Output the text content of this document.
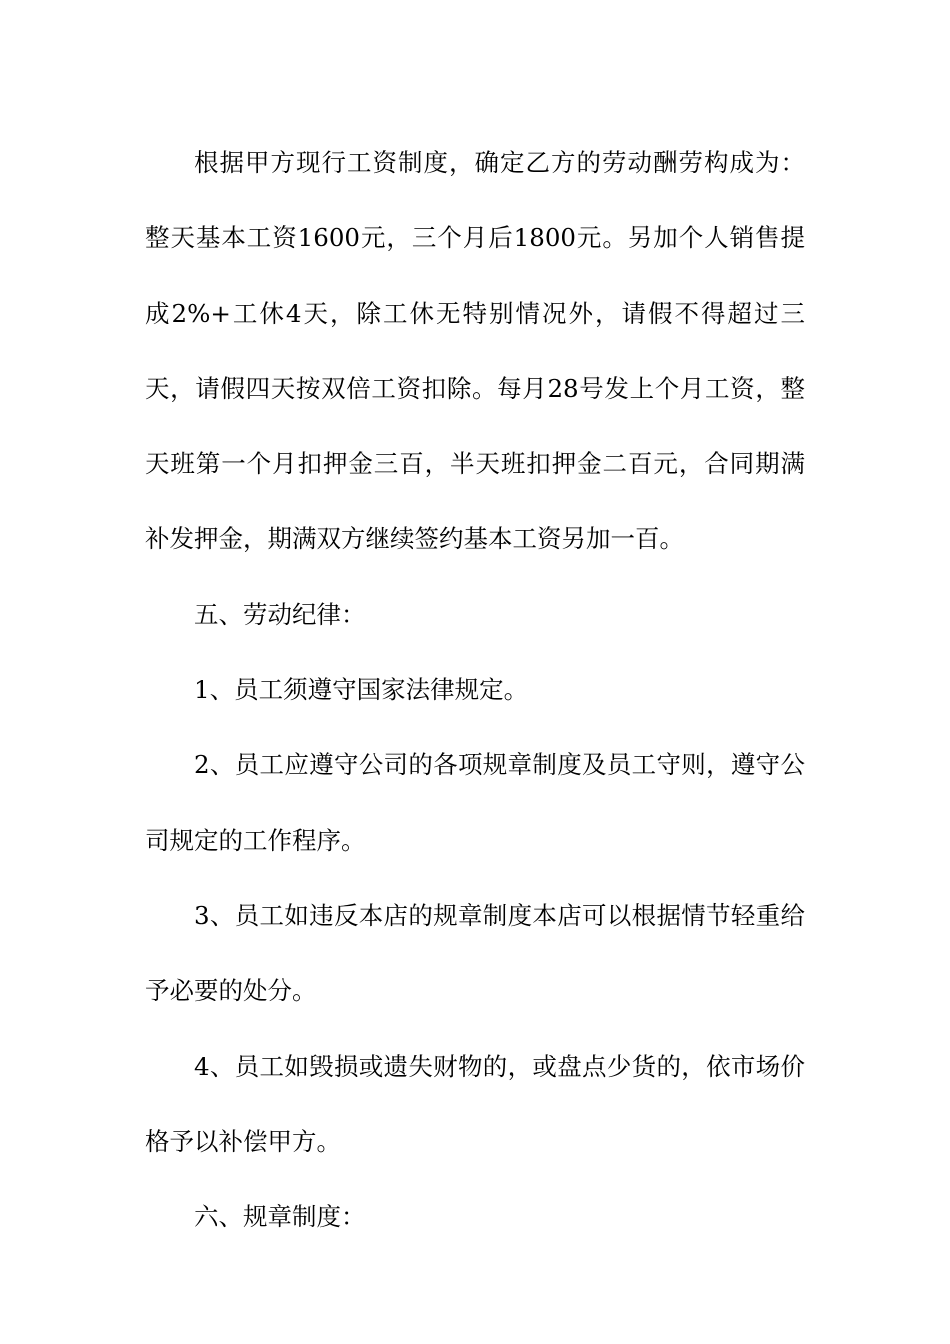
根据甲方现行工资制度，确定乙方的劳动酬劳构成为：整天基本工资1600元，三个月后1800元。另加个人销售提成2%+工休4天，除工休无特别情况外，请假不得超过三天，请假四天按双倍工资扣除。每月28号发上个月工资，整天班第一个月扣押金三百，半天班扣押金二百元，合同期满补发押金，期满双方继续签约基本工资另加一百。

五、劳动纪律：

1、员工须遵守国家法律规定。

2、员工应遵守公司的各项规章制度及员工守则，遵守公司规定的工作程序。

3、员工如违反本店的规章制度本店可以根据情节轻重给予必要的处分。

4、员工如毁损或遗失财物的，或盘点少货的，依市场价格予以补偿甲方。

六、规章制度：
